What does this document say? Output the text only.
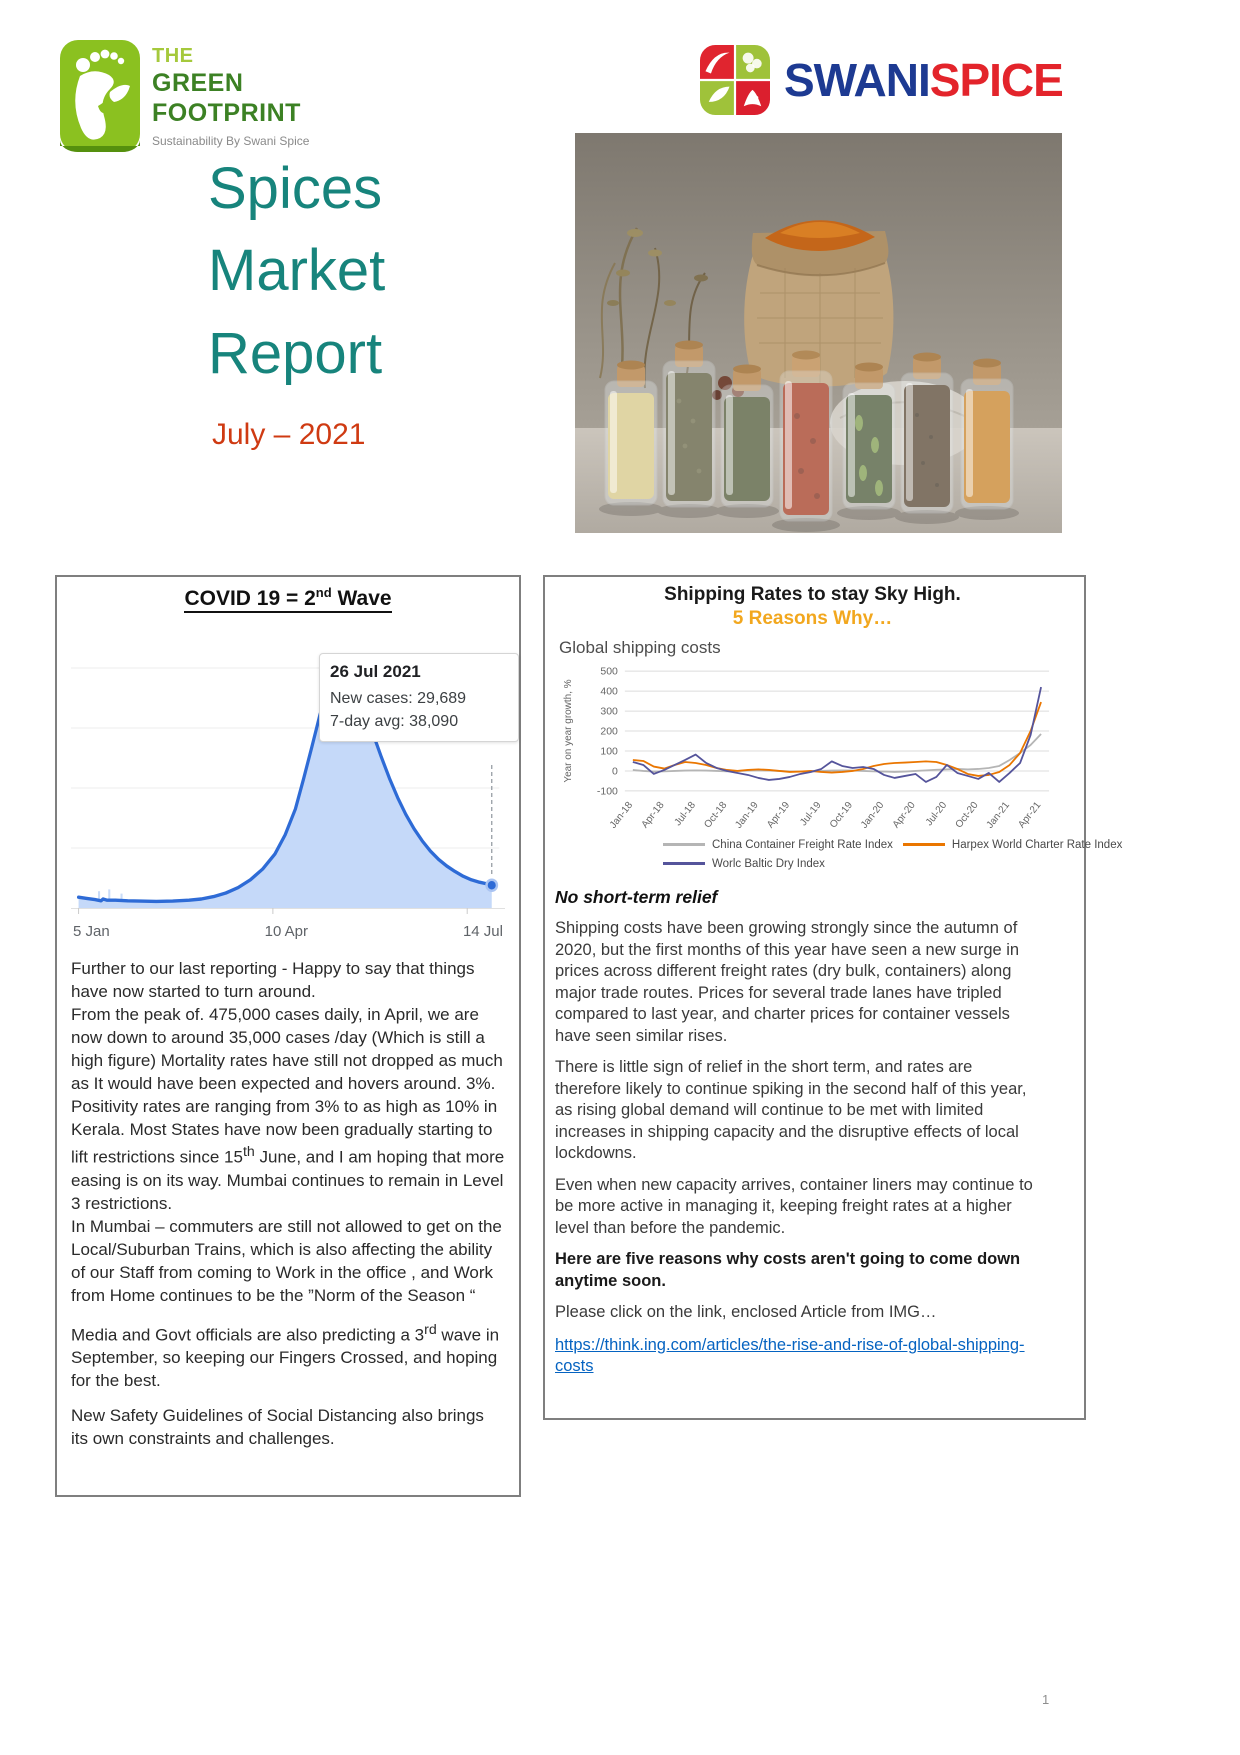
THE
GREEN
FOOTPRINT
Sustainability By Swani Spice
SWANISPICE
Spices
Market
Report
July – 2021
COVID 19 = 2nd Wave
26 Jul 2021
New cases: 29,689
7-day avg: 38,090
5 Jan	10 Apr	14 Jul

Further to our last reporting - Happy to say that things have now started to turn around.

From the peak of. 475,000 cases daily, in April, we are now down to around 35,000 cases /day (Which is still a high figure) Mortality rates have still not dropped as much as It would have been expected and hovers around. 3%. Positivity rates are ranging from 3% to as high as 10% in Kerala. Most States have now been gradually starting to lift restrictions since 15th June, and I am hoping that more easing is on its way. Mumbai continues to remain in Level 3 restrictions.

In Mumbai – commuters are still not allowed to get on the Local/Suburban Trains, which is also affecting the ability of our Staff from coming to Work in the office , and Work from Home continues to be the ”Norm of the Season “

Media and Govt officials are also predicting a 3rd wave in September, so keeping our Fingers Crossed, and hoping for the best.

New Safety Guidelines of Social Distancing also brings its own constraints and challenges.

Shipping Rates to stay Sky High.
5 Reasons Why…
Global shipping costs
500
400
300
200
100
0
-100
Year on year growth, %
Jan-18 Apr-18 Jul-18 Oct-18 Jan-19 Apr-19 Jul-19 Oct-19 Jan-20 Apr-20 Jul-20 Oct-20 Jan-21 Apr-21
China Container Freight Rate Index	Harpex World Charter Rate Index
Worlc Baltic Dry Index
No short-term relief

Shipping costs have been growing strongly since the autumn of 2020, but the first months of this year have seen a new surge in prices across different freight rates (dry bulk, containers) along major trade routes. Prices for several trade lanes have tripled compared to last year, and charter prices for container vessels have seen similar rises.

There is little sign of relief in the short term, and rates are therefore likely to continue spiking in the second half of this year, as rising global demand will continue to be met with limited increases in shipping capacity and the disruptive effects of local lockdowns.

Even when new capacity arrives, container liners may continue to be more active in managing it, keeping freight rates at a higher level than before the pandemic.

Here are five reasons why costs aren't going to come down anytime soon.

Please click on the link, enclosed Article from IMG…

https://think.ing.com/articles/the-rise-and-rise-of-global-shipping-costs
1
